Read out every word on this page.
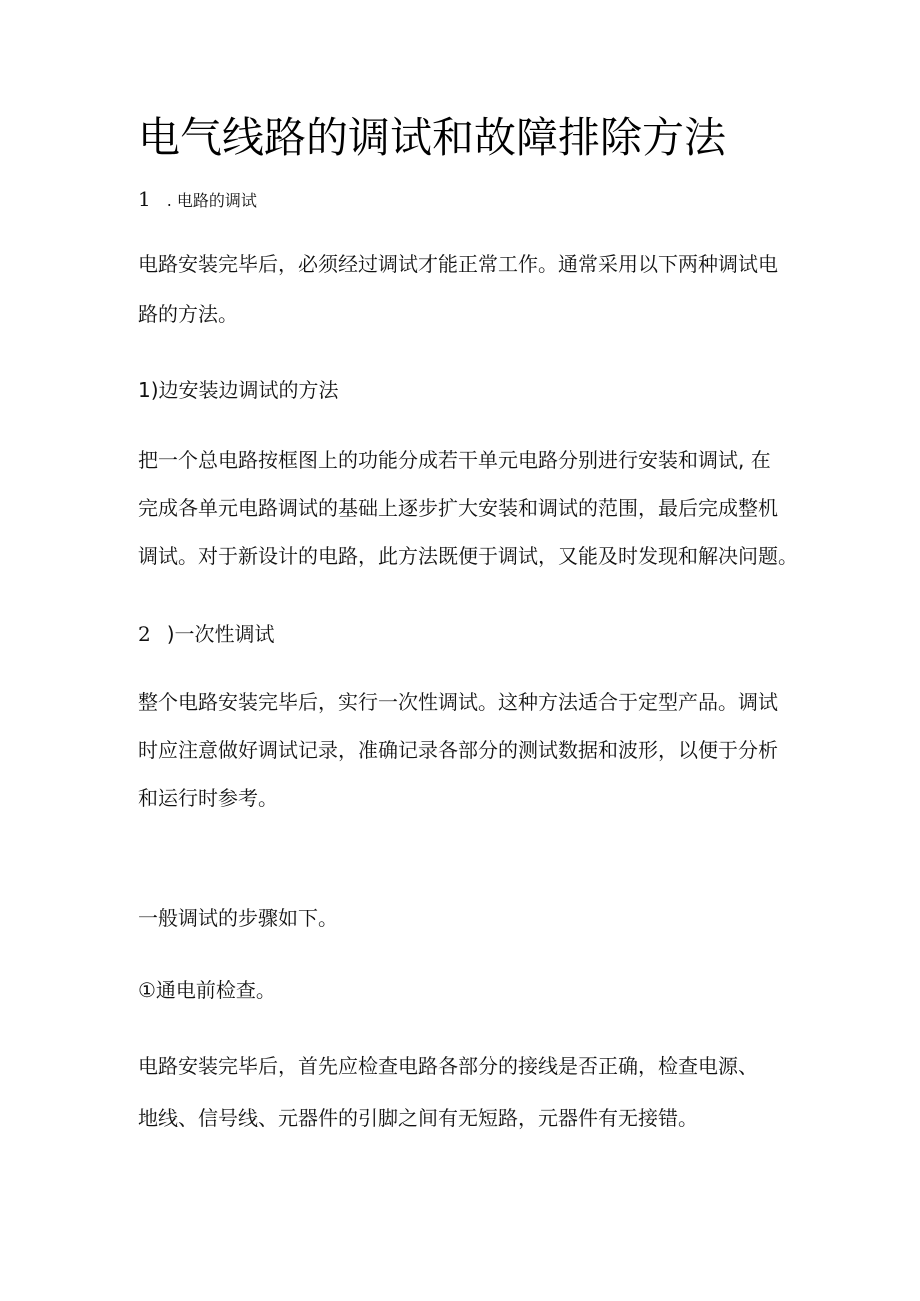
电气线路的调试和故障排除方法
1 . 电路的调试
电路安装完毕后，必须经过调试才能正常工作。通常采用以下两种调试电
路的方法。
1)边安装边调试的方法
把一个总电路按框图上的功能分成若干单元电路分别进行安装和调试, 在
完成各单元电路调试的基础上逐步扩大安装和调试的范围，最后完成整机
调试。对于新设计的电路，此方法既便于调试，又能及时发现和解决问题。
2 )一次性调试
整个电路安装完毕后，实行一次性调试。这种方法适合于定型产品。调试
时应注意做好调试记录，准确记录各部分的测试数据和波形，以便于分析
和运行时参考。
一般调试的步骤如下。
①通电前检查。
电路安装完毕后，首先应检查电路各部分的接线是否正确，检查电源、
地线、信号线、元器件的引脚之间有无短路，元器件有无接错。
